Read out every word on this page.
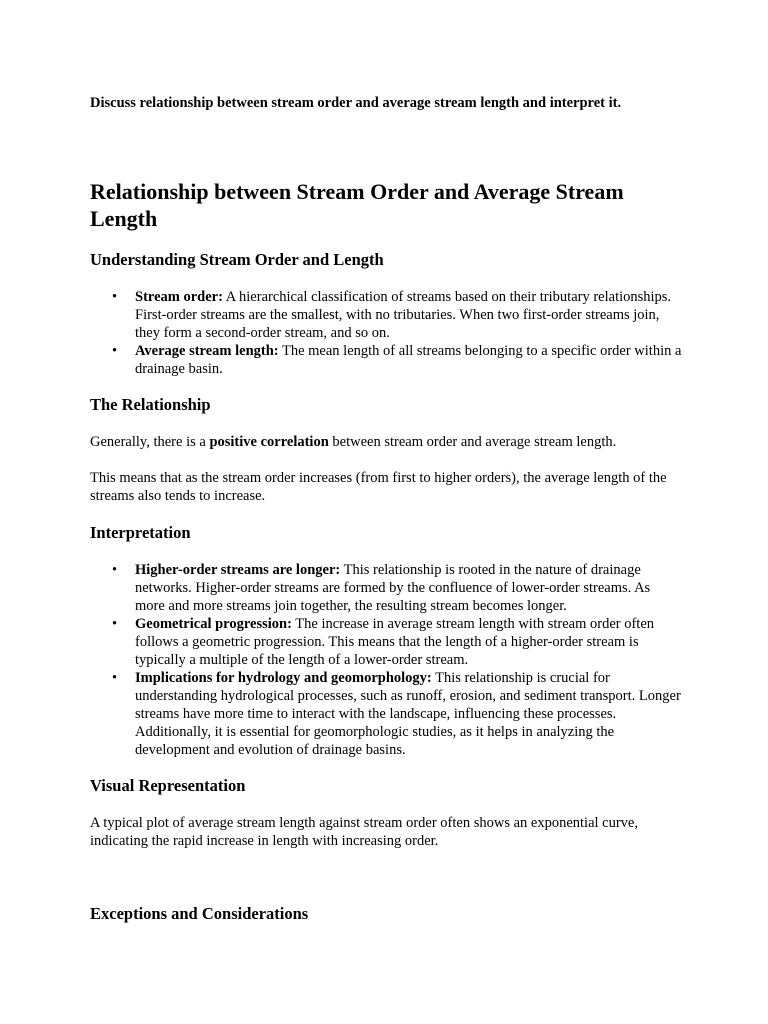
Discuss relationship between stream order and average stream length and interpret it.

Relationship between Stream Order and Average Stream Length
Understanding Stream Order and Length
• Stream order: A hierarchical classification of streams based on their tributary relationships. First-order streams are the smallest, with no tributaries. When two first-order streams join, they form a second-order stream, and so on.
• Average stream length: The mean length of all streams belonging to a specific order within a drainage basin.
The Relationship

Generally, there is a positive correlation between stream order and average stream length.

This means that as the stream order increases (from first to higher orders), the average length of the streams also tends to increase.

Interpretation
• Higher-order streams are longer: This relationship is rooted in the nature of drainage networks. Higher-order streams are formed by the confluence of lower-order streams. As more and more streams join together, the resulting stream becomes longer.
• Geometrical progression: The increase in average stream length with stream order often follows a geometric progression. This means that the length of a higher-order stream is typically a multiple of the length of a lower-order stream.
• Implications for hydrology and geomorphology: This relationship is crucial for understanding hydrological processes, such as runoff, erosion, and sediment transport. Longer streams have more time to interact with the landscape, influencing these processes. Additionally, it is essential for geomorphologic studies, as it helps in analyzing the development and evolution of drainage basins.
Visual Representation

A typical plot of average stream length against stream order often shows an exponential curve, indicating the rapid increase in length with increasing order.

Exceptions and Considerations
